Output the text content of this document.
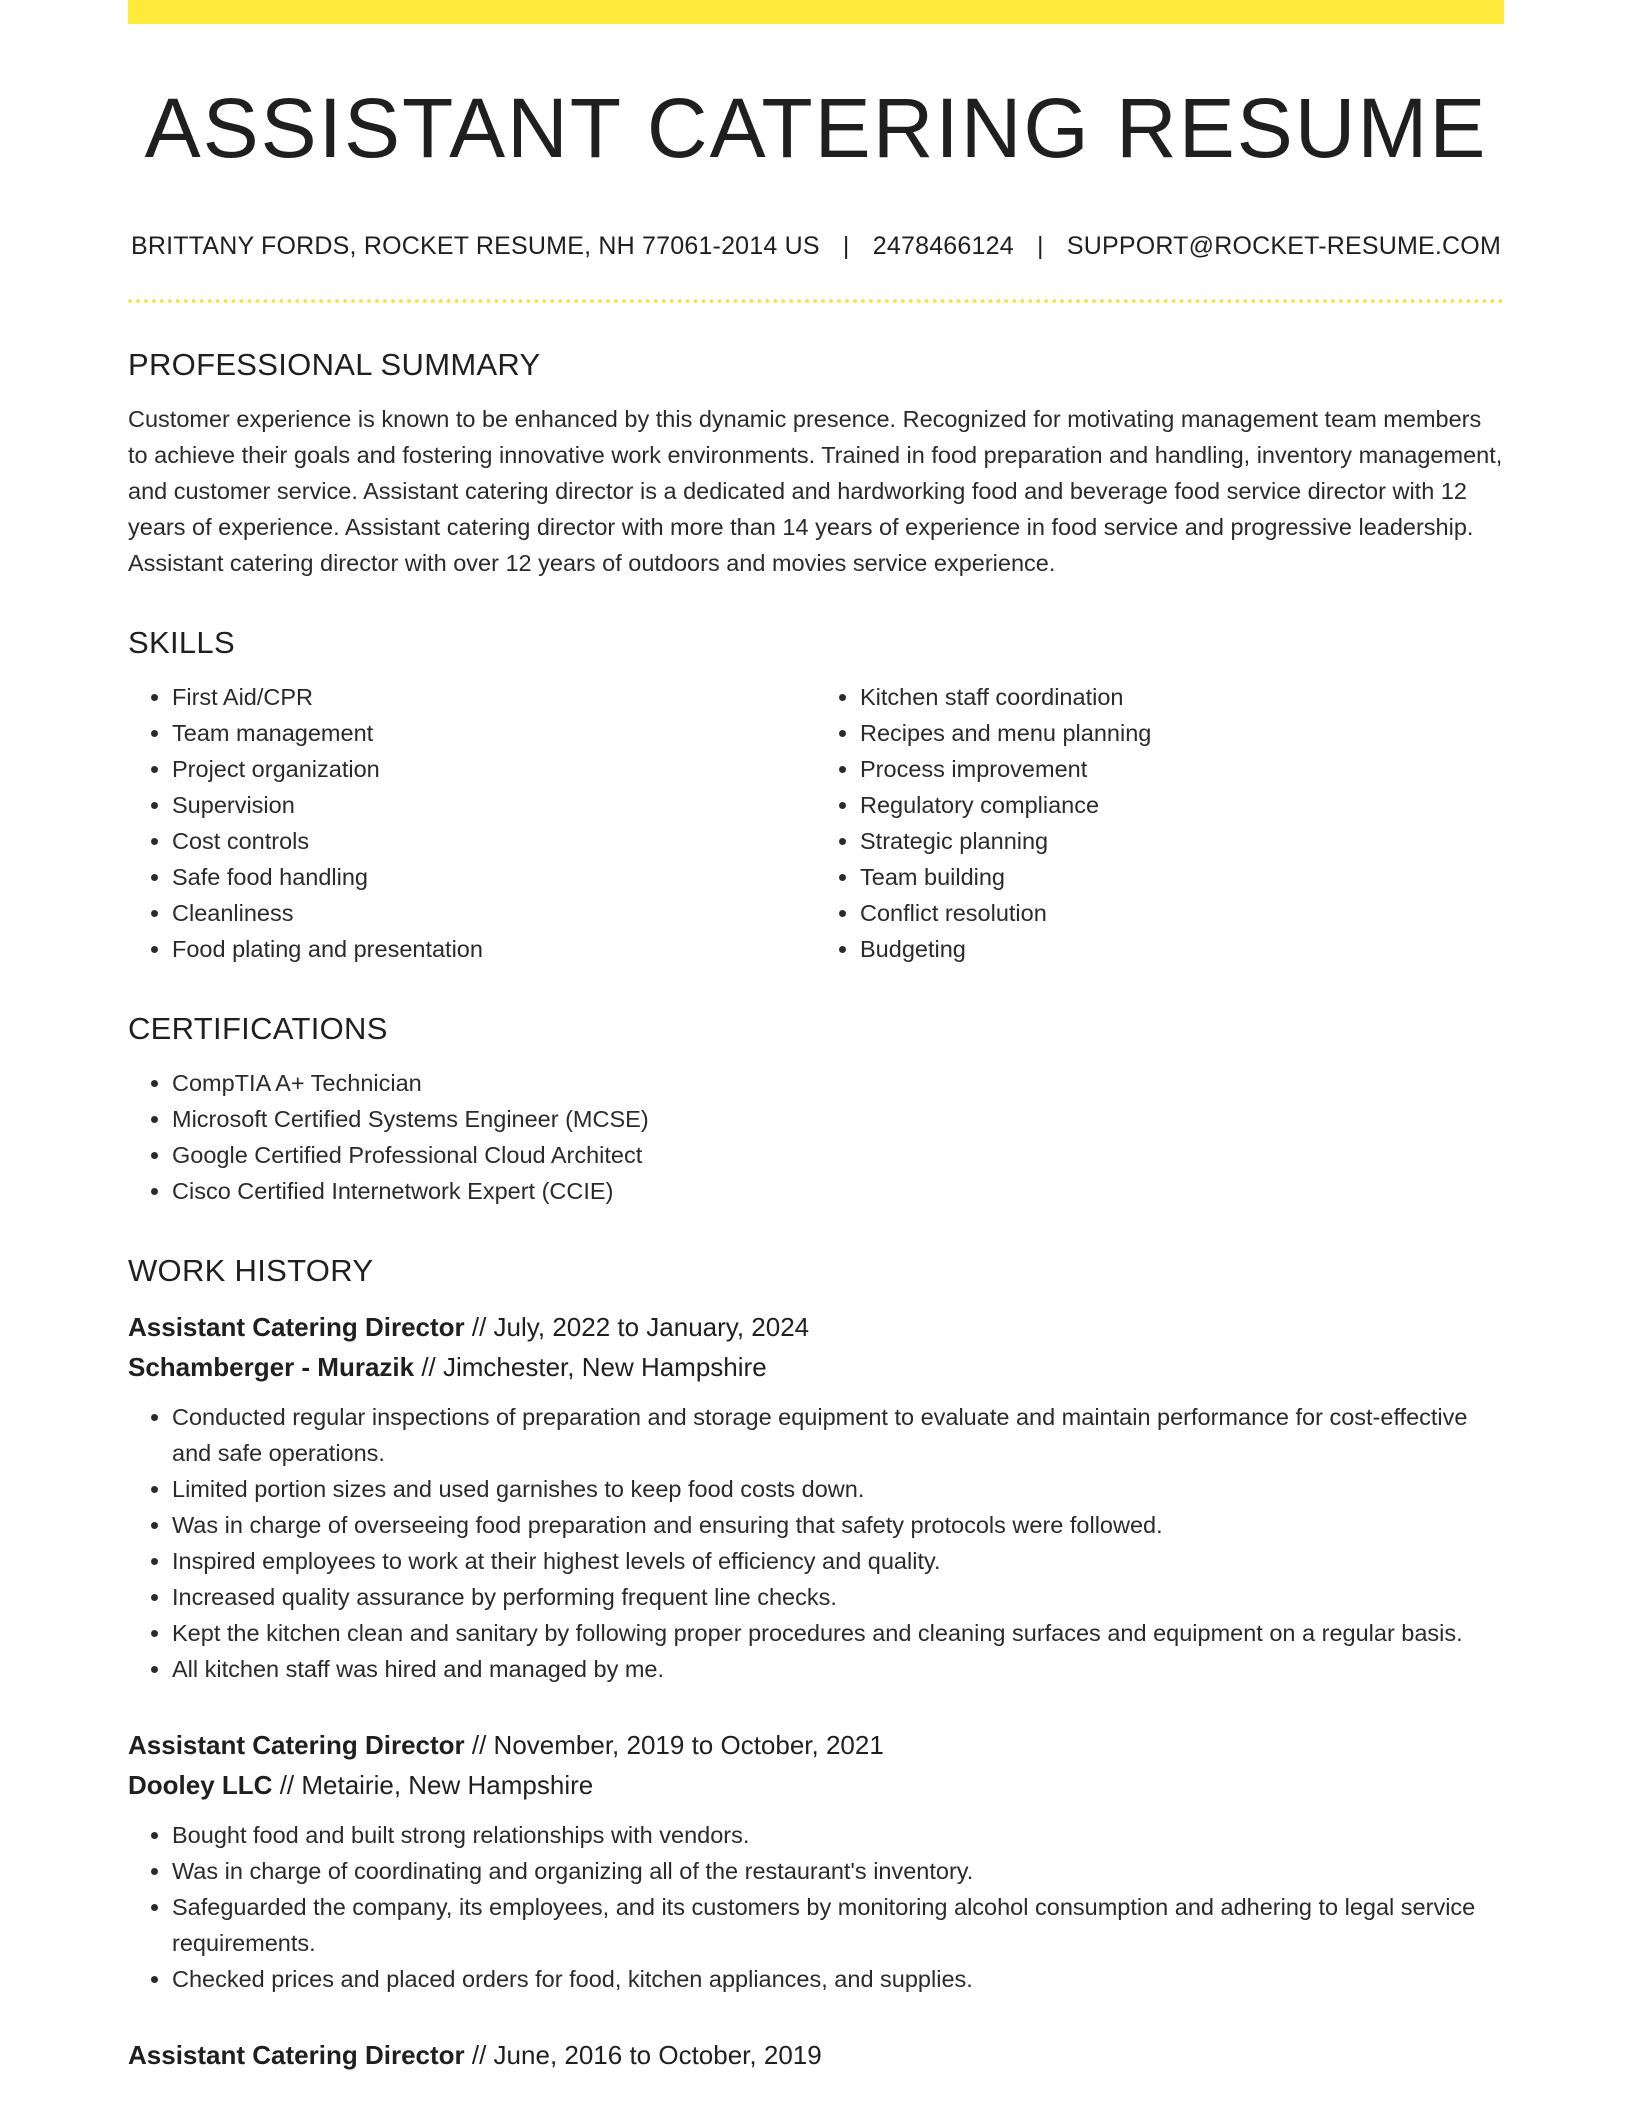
ASSISTANT CATERING RESUME
BRITTANY FORDS, ROCKET RESUME, NH 77061-2014 US | 2478466124 | SUPPORT@ROCKET-RESUME.COM
PROFESSIONAL SUMMARY
Customer experience is known to be enhanced by this dynamic presence. Recognized for motivating management team members to achieve their goals and fostering innovative work environments. Trained in food preparation and handling, inventory management, and customer service. Assistant catering director is a dedicated and hardworking food and beverage food service director with 12 years of experience. Assistant catering director with more than 14 years of experience in food service and progressive leadership. Assistant catering director with over 12 years of outdoors and movies service experience.
SKILLS
• First Aid/CPR
• Team management
• Project organization
• Supervision
• Cost controls
• Safe food handling
• Cleanliness
• Food plating and presentation
• Kitchen staff coordination
• Recipes and menu planning
• Process improvement
• Regulatory compliance
• Strategic planning
• Team building
• Conflict resolution
• Budgeting
CERTIFICATIONS
• CompTIA A+ Technician
• Microsoft Certified Systems Engineer (MCSE)
• Google Certified Professional Cloud Architect
• Cisco Certified Internetwork Expert (CCIE)
WORK HISTORY
Assistant Catering Director // July, 2022 to January, 2024
Schamberger - Murazik // Jimchester, New Hampshire
• Conducted regular inspections of preparation and storage equipment to evaluate and maintain performance for cost-effective and safe operations.
• Limited portion sizes and used garnishes to keep food costs down.
• Was in charge of overseeing food preparation and ensuring that safety protocols were followed.
• Inspired employees to work at their highest levels of efficiency and quality.
• Increased quality assurance by performing frequent line checks.
• Kept the kitchen clean and sanitary by following proper procedures and cleaning surfaces and equipment on a regular basis.
• All kitchen staff was hired and managed by me.
Assistant Catering Director // November, 2019 to October, 2021
Dooley LLC // Metairie, New Hampshire
• Bought food and built strong relationships with vendors.
• Was in charge of coordinating and organizing all of the restaurant's inventory.
• Safeguarded the company, its employees, and its customers by monitoring alcohol consumption and adhering to legal service requirements.
• Checked prices and placed orders for food, kitchen appliances, and supplies.
Assistant Catering Director // June, 2016 to October, 2019
